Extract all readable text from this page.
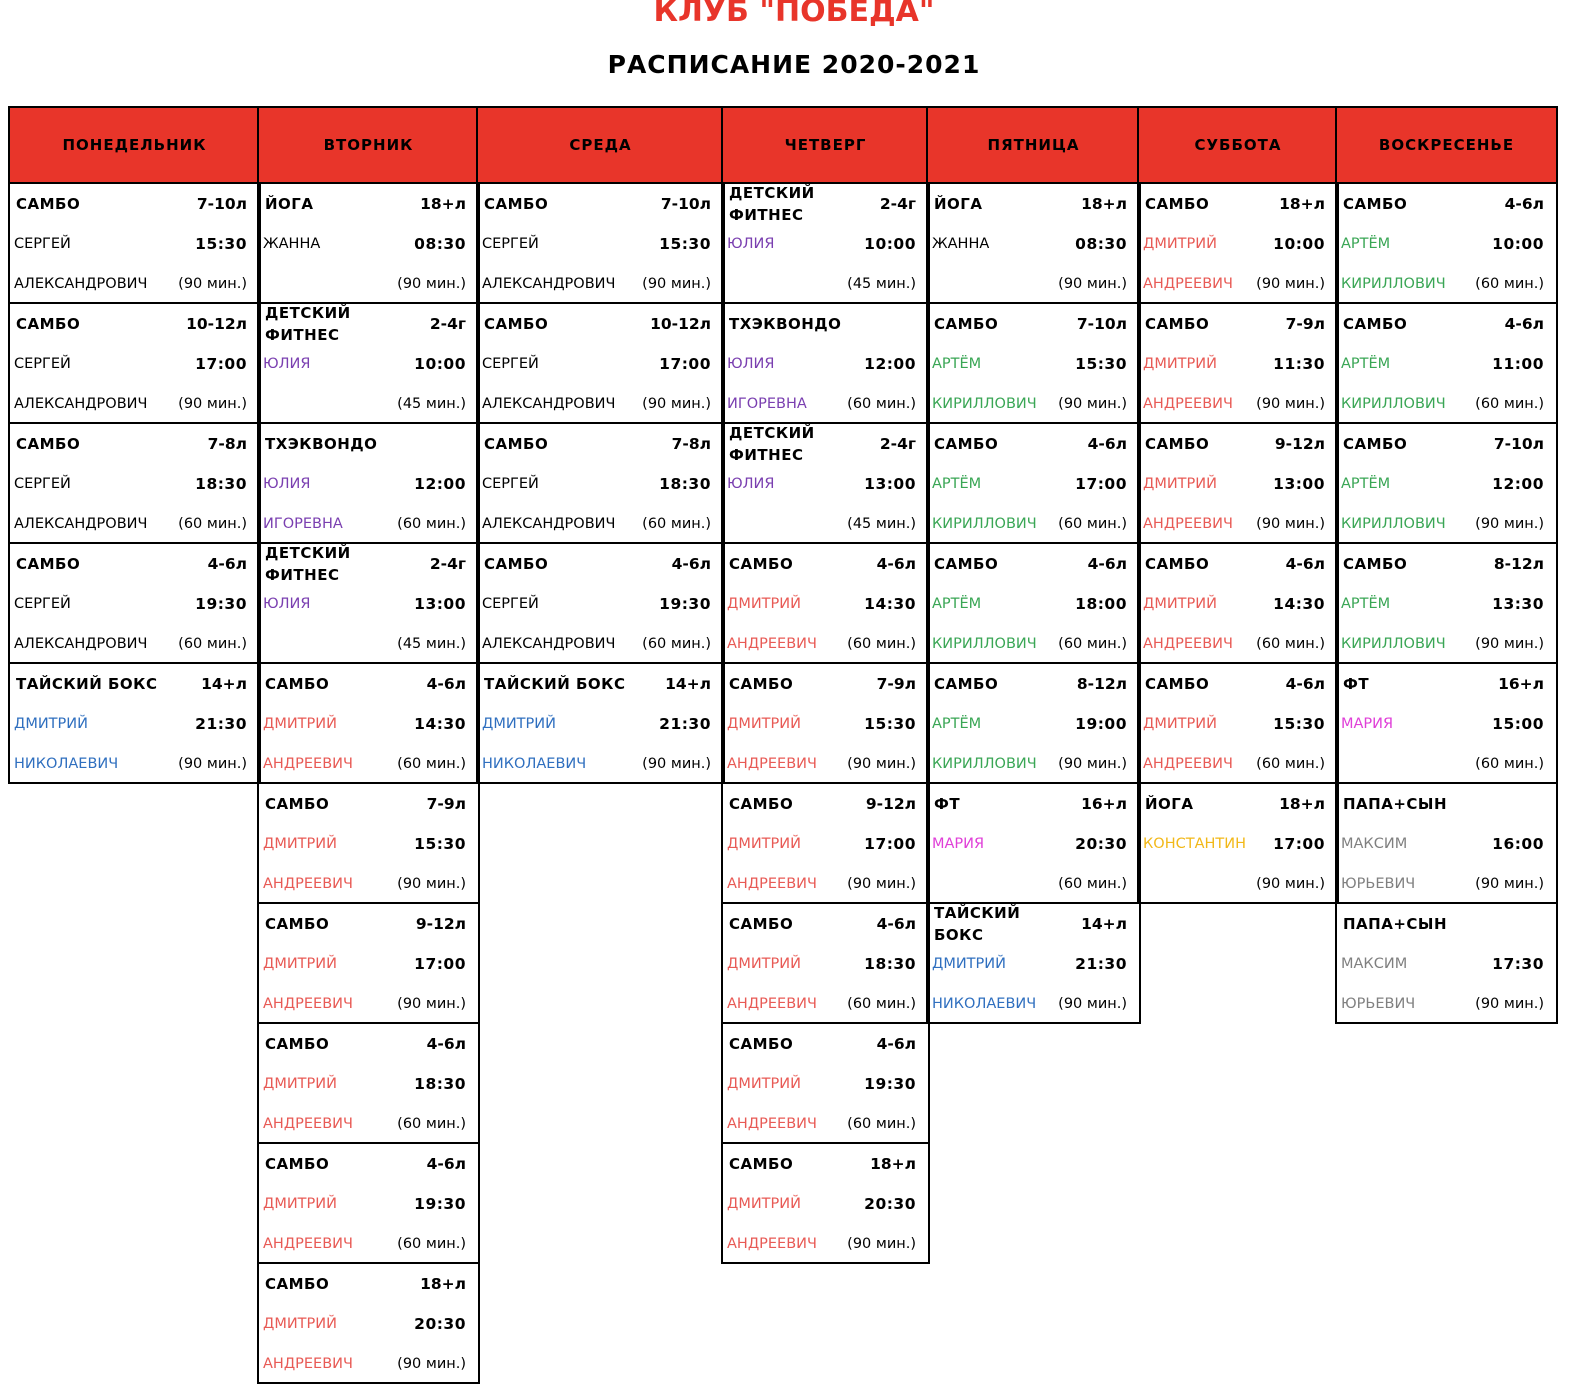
КЛУБ "ПОБЕДА"
РАСПИСАНИЕ 2020-2021
ПОНЕДЕЛЬНИК
САМБО	7-10л
СЕРГЕЙ	15:30
АЛЕКСАНДРОВИЧ (90 мин.)
САМБО	10-12л
СЕРГЕЙ	17:00
АЛЕКСАНДРОВИЧ (90 мин.)
САМБО	7-8л
СЕРГЕЙ	18:30
АЛЕКСАНДРОВИЧ (60 мин.)
САМБО	4-6л
СЕРГЕЙ	19:30
АЛЕКСАНДРОВИЧ (60 мин.)
ТАЙСКИЙ БОКС	14+л
ДМИТРИЙ	21:30
НИКОЛАЕВИЧ	(90 мин.)
ВТОРНИК
ЙОГА	18+л
ЖАННА	08:30
(90 мин.)
ДЕТСКИЙ ФИТНЕС
2-4г
ЮЛИЯ	10:00
(45 мин.)
ТХЭКВОНДО
ЮЛИЯ	12:00
ИГОРЕВНА	(60 мин.)
ДЕТСКИЙ ФИТНЕС
2-4г
ЮЛИЯ	13:00
(45 мин.)
САМБО	4-6л
ДМИТРИЙ	14:30
АНДРЕЕВИЧ	(60 мин.)
САМБО	7-9л
ДМИТРИЙ	15:30
АНДРЕЕВИЧ	(90 мин.)
САМБО	9-12л
ДМИТРИЙ	17:00
АНДРЕЕВИЧ	(90 мин.)
САМБО	4-6л
ДМИТРИЙ	18:30
АНДРЕЕВИЧ	(60 мин.)
САМБО	4-6л
ДМИТРИЙ	19:30
АНДРЕЕВИЧ	(60 мин.)
САМБО	18+л
ДМИТРИЙ	20:30
АНДРЕЕВИЧ	(90 мин.)
СРЕДА
САМБО	7-10л
СЕРГЕЙ	15:30
АЛЕКСАНДРОВИЧ (90 мин.)
САМБО	10-12л
СЕРГЕЙ	17:00
АЛЕКСАНДРОВИЧ (90 мин.)
САМБО	7-8л
СЕРГЕЙ	18:30
АЛЕКСАНДРОВИЧ (60 мин.)
САМБО	4-6л
СЕРГЕЙ	19:30
АЛЕКСАНДРОВИЧ (60 мин.)
ТАЙСКИЙ БОКС	14+л
ДМИТРИЙ	21:30
НИКОЛАЕВИЧ	(90 мин.)
ЧЕТВЕРГ
ДЕТСКИЙ ФИТНЕС
2-4г
ЮЛИЯ	10:00
(45 мин.)
ТХЭКВОНДО
ЮЛИЯ	12:00
ИГОРЕВНА	(60 мин.)
ДЕТСКИЙ ФИТНЕС
2-4г
ЮЛИЯ	13:00
(45 мин.)
САМБО	4-6л
ДМИТРИЙ	14:30
АНДРЕЕВИЧ (60 мин.)
САМБО	7-9л
ДМИТРИЙ	15:30
АНДРЕЕВИЧ (90 мин.)
САМБО	9-12л
ДМИТРИЙ	17:00
АНДРЕЕВИЧ (90 мин.)
САМБО	4-6л
ДМИТРИЙ	18:30
АНДРЕЕВИЧ (60 мин.)
САМБО	4-6л
ДМИТРИЙ	19:30
АНДРЕЕВИЧ (60 мин.)
САМБО	18+л
ДМИТРИЙ	20:30
АНДРЕЕВИЧ (90 мин.)
ПЯТНИЦА
ЙОГА	18+л
ЖАННА	08:30
(90 мин.)
САМБО	7-10л
АРТЁМ	15:30
КИРИЛЛОВИЧ (90 мин.)
САМБО	4-6л
АРТЁМ	17:00
КИРИЛЛОВИЧ (60 мин.)
САМБО	4-6л
АРТЁМ	18:00
КИРИЛЛОВИЧ (60 мин.)
САМБО	8-12л
АРТЁМ	19:00
КИРИЛЛОВИЧ (90 мин.)
ФТ	16+л
МАРИЯ	20:30
(60 мин.)
ТАЙСКИЙ БОКС
14+л
ДМИТРИЙ	21:30
НИКОЛАЕВИЧ (90 мин.)
СУББОТА
САМБО	18+л
ДМИТРИЙ	10:00
АНДРЕЕВИЧ (90 мин.)
САМБО	7-9л
ДМИТРИЙ	11:30
АНДРЕЕВИЧ (90 мин.)
САМБО	9-12л
ДМИТРИЙ	13:00
АНДРЕЕВИЧ (90 мин.)
САМБО	4-6л
ДМИТРИЙ	14:30
АНДРЕЕВИЧ (60 мин.)
САМБО	4-6л
ДМИТРИЙ	15:30
АНДРЕЕВИЧ (60 мин.)
ЙОГА	18+л
КОНСТАНТИН 17:00
(90 мин.)
ВОСКРЕСЕНЬЕ
САМБО	4-6л
АРТЁМ	10:00
КИРИЛЛОВИЧ (60 мин.)
САМБО	4-6л
АРТЁМ	11:00
КИРИЛЛОВИЧ (60 мин.)
САМБО	7-10л
АРТЁМ	12:00
КИРИЛЛОВИЧ (90 мин.)
САМБО	8-12л
АРТЁМ	13:30
КИРИЛЛОВИЧ (90 мин.)
ФТ	16+л
МАРИЯ	15:00
(60 мин.)
ПАПА+СЫН
МАКСИМ	16:00
ЮРЬЕВИЧ	(90 мин.)
ПАПА+СЫН
МАКСИМ	17:30
ЮРЬЕВИЧ	(90 мин.)
